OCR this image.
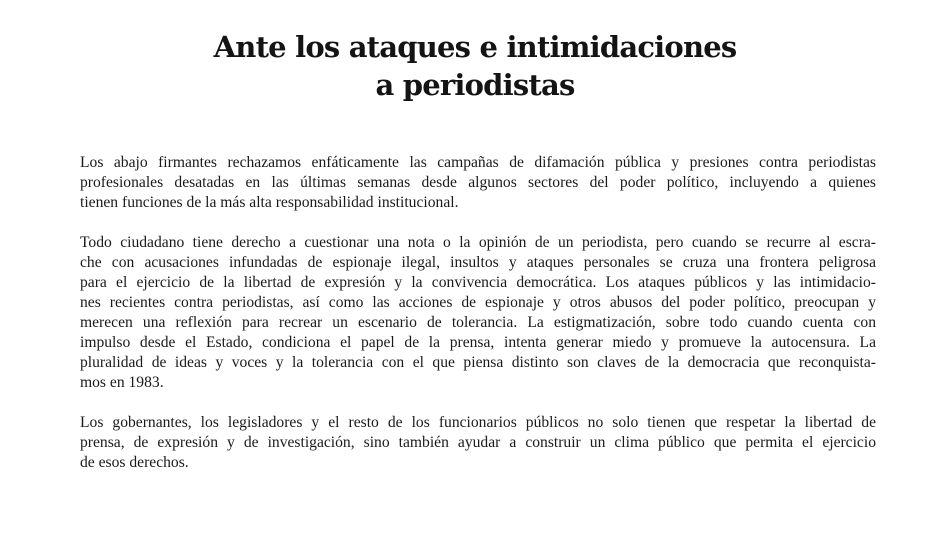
Ante los ataques e intimidaciones
a periodistas

Los abajo firmantes rechazamos enfáticamente las campañas de difamación pública y presiones contra periodistas
profesionales desatadas en las últimas semanas desde algunos sectores del poder político, incluyendo a quienes
tienen funciones de la más alta responsabilidad institucional.

Todo ciudadano tiene derecho a cuestionar una nota o la opinión de un periodista, pero cuando se recurre al escra-
che con acusaciones infundadas de espionaje ilegal, insultos y ataques personales se cruza una frontera peligrosa
para el ejercicio de la libertad de expresión y la convivencia democrática. Los ataques públicos y las intimidacio-
nes recientes contra periodistas, así como las acciones de espionaje y otros abusos del poder político, preocupan y
merecen una reflexión para recrear un escenario de tolerancia. La estigmatización, sobre todo cuando cuenta con
impulso desde el Estado, condiciona el papel de la prensa, intenta generar miedo y promueve la autocensura. La
pluralidad de ideas y voces y la tolerancia con el que piensa distinto son claves de la democracia que reconquista-
mos en 1983.

Los gobernantes, los legisladores y el resto de los funcionarios públicos no solo tienen que respetar la libertad de
prensa, de expresión y de investigación, sino también ayudar a construir un clima público que permita el ejercicio
de esos derechos.
